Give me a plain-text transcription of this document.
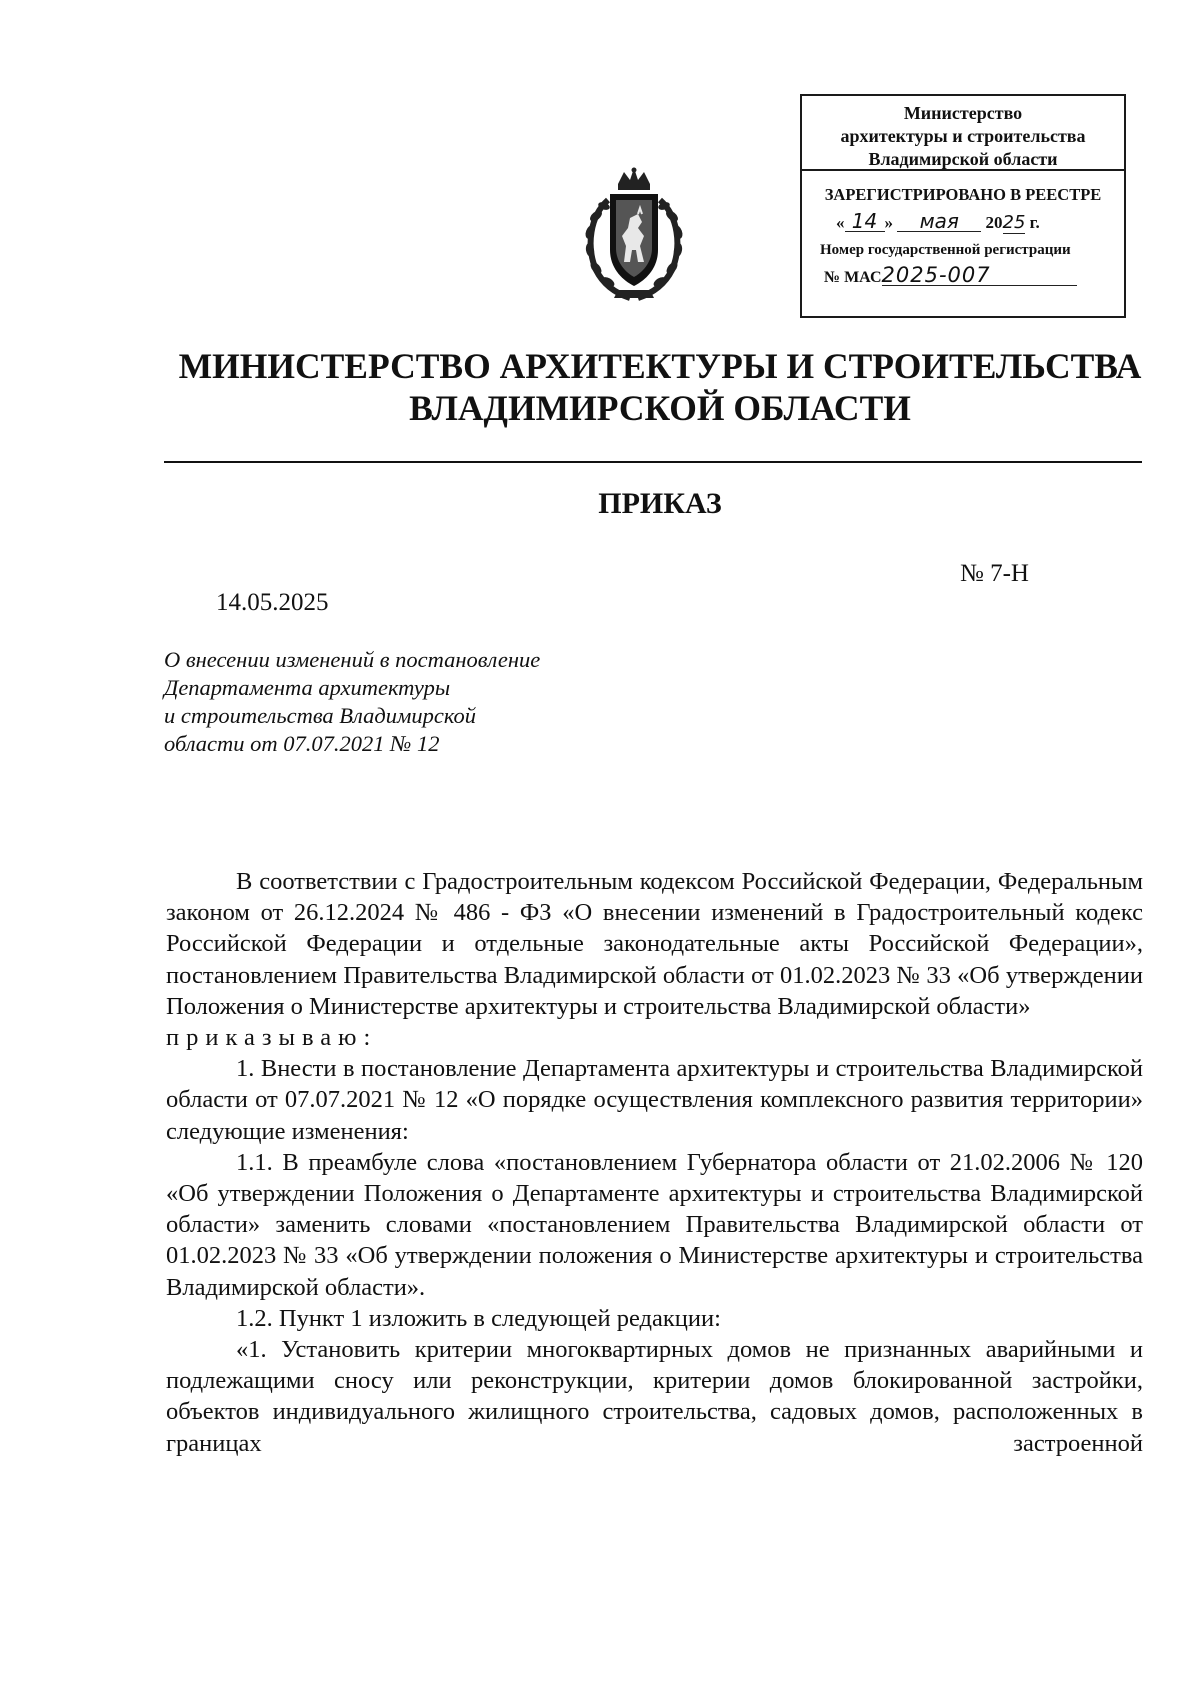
Министерство
архитектуры и строительства
Владимирской области
ЗАРЕГИСТРИРОВАНО В РЕЕСТРЕ
« 14 » мая 2025 г.
Номер государственной регистрации
№ МАС2025-007
МИНИСТЕРСТВО АРХИТЕКТУРЫ И СТРОИТЕЛЬСТВА
ВЛАДИМИРСКОЙ ОБЛАСТИ
ПРИКАЗ
№ 7-Н
14.05.2025
О внесении изменений в постановление
Департамента архитектуры
и строительства Владимирской
области от 07.07.2021 № 12

В соответствии с Градостроительным кодексом Российской Федерации, Федеральным законом от 26.12.2024 № 486 - ФЗ «О внесении изменений в Градостроительный кодекс Российской Федерации и отдельные законодательные акты Российской Федерации», постановлением Правительства Владимирской области от 01.02.2023 № 33 «Об утверждении Положения о Министерстве архитектуры и строительства Владимирской области»

приказываю:

1. Внести в постановление Департамента архитектуры и строительства Владимирской области от 07.07.2021 № 12 «О порядке осуществления комплексного развития территории» следующие изменения:

1.1. В преамбуле слова «постановлением Губернатора области от 21.02.2006 № 120 «Об утверждении Положения о Департаменте архитектуры и строительства Владимирской области» заменить словами «постановлением Правительства Владимирской области от 01.02.2023 № 33 «Об утверждении положения о Министерстве архитектуры и строительства Владимирской области».

1.2. Пункт 1 изложить в следующей редакции:

«1. Установить критерии многоквартирных домов не признанных аварийными и подлежащими сносу или реконструкции, критерии домов блокированной застройки, объектов индивидуального жилищного строительства, садовых домов, расположенных в границах застроенной
